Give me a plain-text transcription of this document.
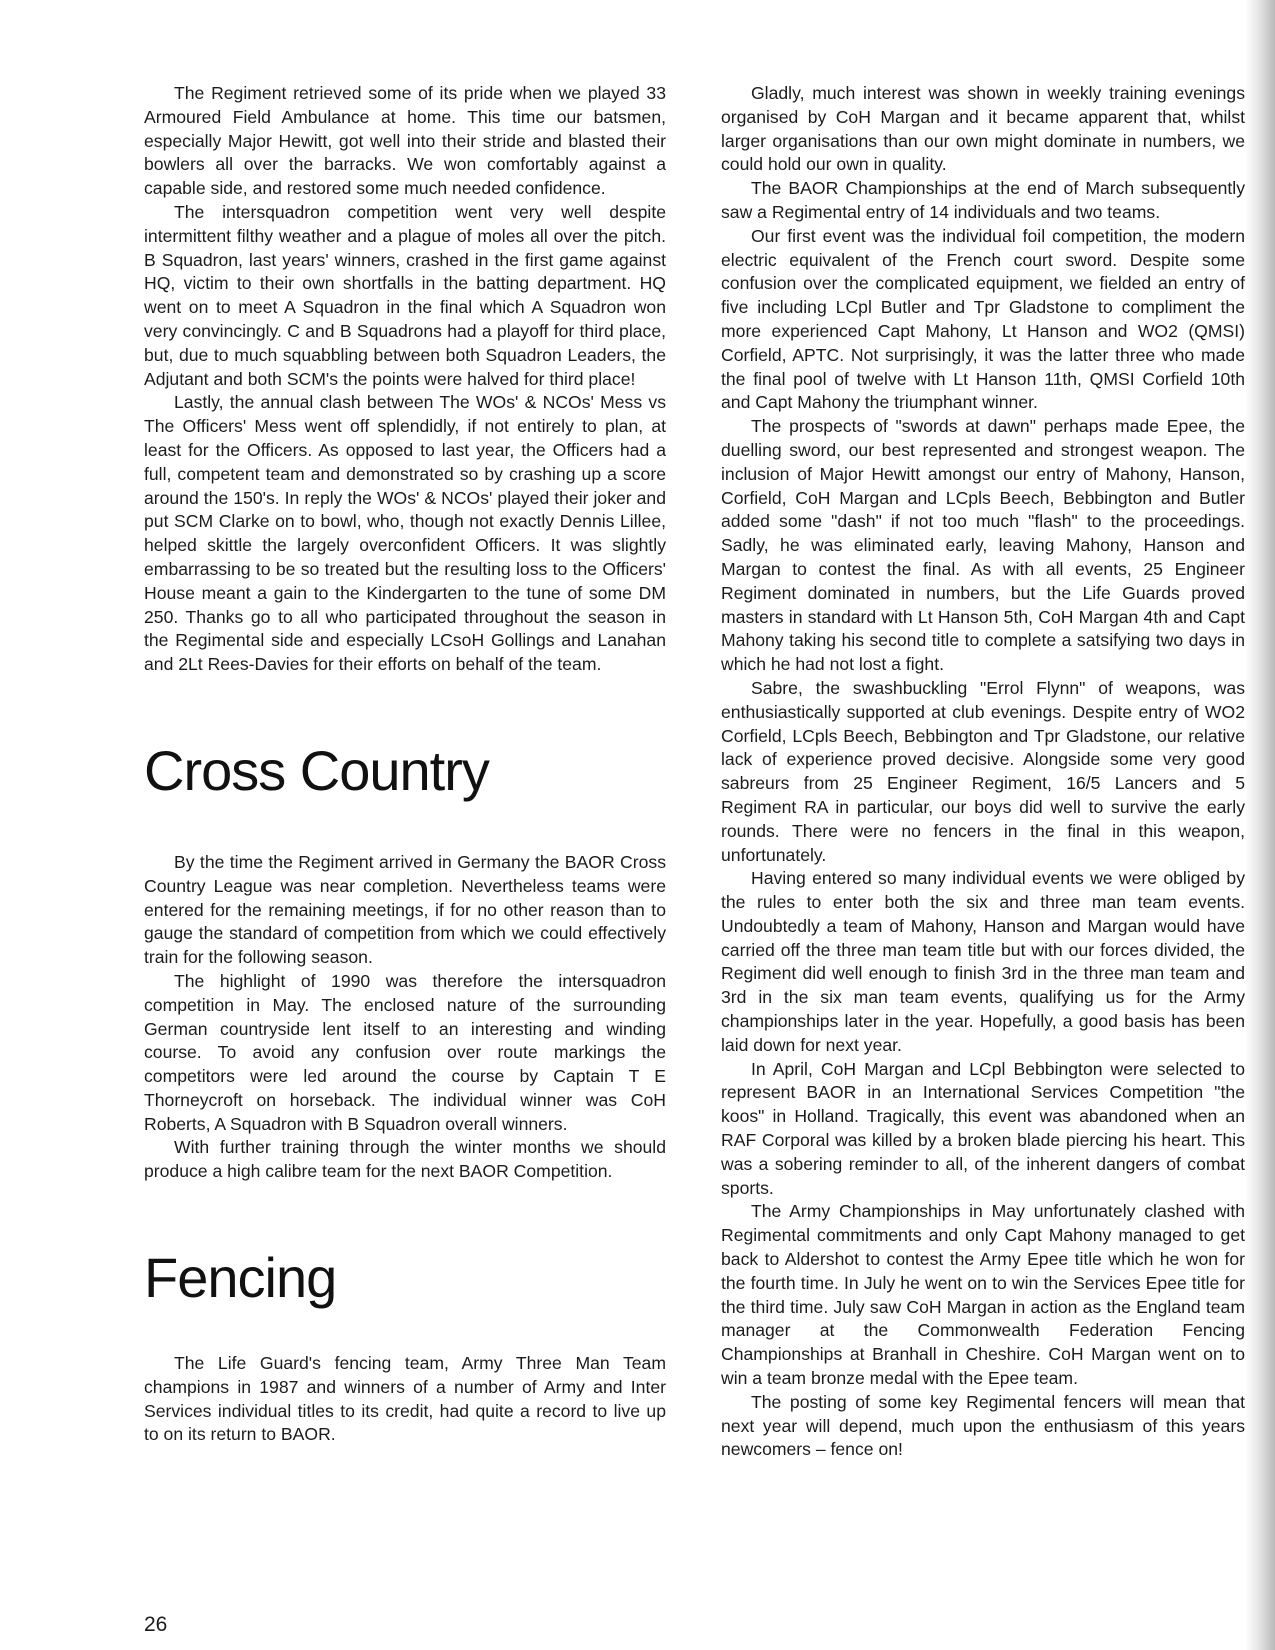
The Regiment retrieved some of its pride when we played 33 Armoured Field Ambulance at home. This time our batsmen, especially Major Hewitt, got well into their stride and blasted their bowlers all over the barracks. We won comfortably against a capable side, and restored some much needed confidence.

The intersquadron competition went very well despite intermittent filthy weather and a plague of moles all over the pitch. B Squadron, last years' winners, crashed in the first game against HQ, victim to their own shortfalls in the batting department. HQ went on to meet A Squadron in the final which A Squadron won very convincingly. C and B Squadrons had a playoff for third place, but, due to much squabbling between both Squadron Leaders, the Adjutant and both SCM's the points were halved for third place!

Lastly, the annual clash between The WOs' & NCOs' Mess vs The Officers' Mess went off splendidly, if not entirely to plan, at least for the Officers. As opposed to last year, the Officers had a full, competent team and demonstrated so by crashing up a score around the 150's. In reply the WOs' & NCOs' played their joker and put SCM Clarke on to bowl, who, though not exactly Dennis Lillee, helped skittle the largely overconfident Officers. It was slightly embarrassing to be so treated but the resulting loss to the Officers' House meant a gain to the Kindergarten to the tune of some DM 250. Thanks go to all who participated throughout the season in the Regimental side and especially LCsoH Gollings and Lanahan and 2Lt Rees-Davies for their efforts on behalf of the team.

Cross Country

By the time the Regiment arrived in Germany the BAOR Cross Country League was near completion. Nevertheless teams were entered for the remaining meetings, if for no other reason than to gauge the standard of competition from which we could effectively train for the following season.

The highlight of 1990 was therefore the intersquadron competition in May. The enclosed nature of the surrounding German countryside lent itself to an interesting and winding course. To avoid any confusion over route markings the competitors were led around the course by Captain T E Thorneycroft on horseback. The individual winner was CoH Roberts, A Squadron with B Squadron overall winners.

With further training through the winter months we should produce a high calibre team for the next BAOR Competition.

Fencing

The Life Guard's fencing team, Army Three Man Team champions in 1987 and winners of a number of Army and Inter Services individual titles to its credit, had quite a record to live up to on its return to BAOR.

Gladly, much interest was shown in weekly training evenings organised by CoH Margan and it became apparent that, whilst larger organisations than our own might dominate in numbers, we could hold our own in quality.

The BAOR Championships at the end of March subsequently saw a Regimental entry of 14 individuals and two teams.

Our first event was the individual foil competition, the modern electric equivalent of the French court sword. Despite some confusion over the complicated equipment, we fielded an entry of five including LCpl Butler and Tpr Gladstone to compliment the more experienced Capt Mahony, Lt Hanson and WO2 (QMSI) Corfield, APTC. Not surprisingly, it was the latter three who made the final pool of twelve with Lt Hanson 11th, QMSI Corfield 10th and Capt Mahony the triumphant winner.

The prospects of "swords at dawn" perhaps made Epee, the duelling sword, our best represented and strongest weapon. The inclusion of Major Hewitt amongst our entry of Mahony, Hanson, Corfield, CoH Margan and LCpls Beech, Bebbington and Butler added some "dash" if not too much "flash" to the proceedings. Sadly, he was eliminated early, leaving Mahony, Hanson and Margan to contest the final. As with all events, 25 Engineer Regiment dominated in numbers, but the Life Guards proved masters in standard with Lt Hanson 5th, CoH Margan 4th and Capt Mahony taking his second title to complete a satsifying two days in which he had not lost a fight.

Sabre, the swashbuckling "Errol Flynn" of weapons, was enthusiastically supported at club evenings. Despite entry of WO2 Corfield, LCpls Beech, Bebbington and Tpr Gladstone, our relative lack of experience proved decisive. Alongside some very good sabreurs from 25 Engineer Regiment, 16/5 Lancers and 5 Regiment RA in particular, our boys did well to survive the early rounds. There were no fencers in the final in this weapon, unfortunately.

Having entered so many individual events we were obliged by the rules to enter both the six and three man team events. Undoubtedly a team of Mahony, Hanson and Margan would have carried off the three man team title but with our forces divided, the Regiment did well enough to finish 3rd in the three man team and 3rd in the six man team events, qualifying us for the Army championships later in the year. Hopefully, a good basis has been laid down for next year.

In April, CoH Margan and LCpl Bebbington were selected to represent BAOR in an International Services Competition "the koos" in Holland. Tragically, this event was abandoned when an RAF Corporal was killed by a broken blade piercing his heart. This was a sobering reminder to all, of the inherent dangers of combat sports.

The Army Championships in May unfortunately clashed with Regimental commitments and only Capt Mahony managed to get back to Aldershot to contest the Army Epee title which he won for the fourth time. In July he went on to win the Services Epee title for the third time. July saw CoH Margan in action as the England team manager at the Commonwealth Federation Fencing Championships at Branhall in Cheshire. CoH Margan went on to win a team bronze medal with the Epee team.

The posting of some key Regimental fencers will mean that next year will depend, much upon the enthusiasm of this years newcomers – fence on!

26
